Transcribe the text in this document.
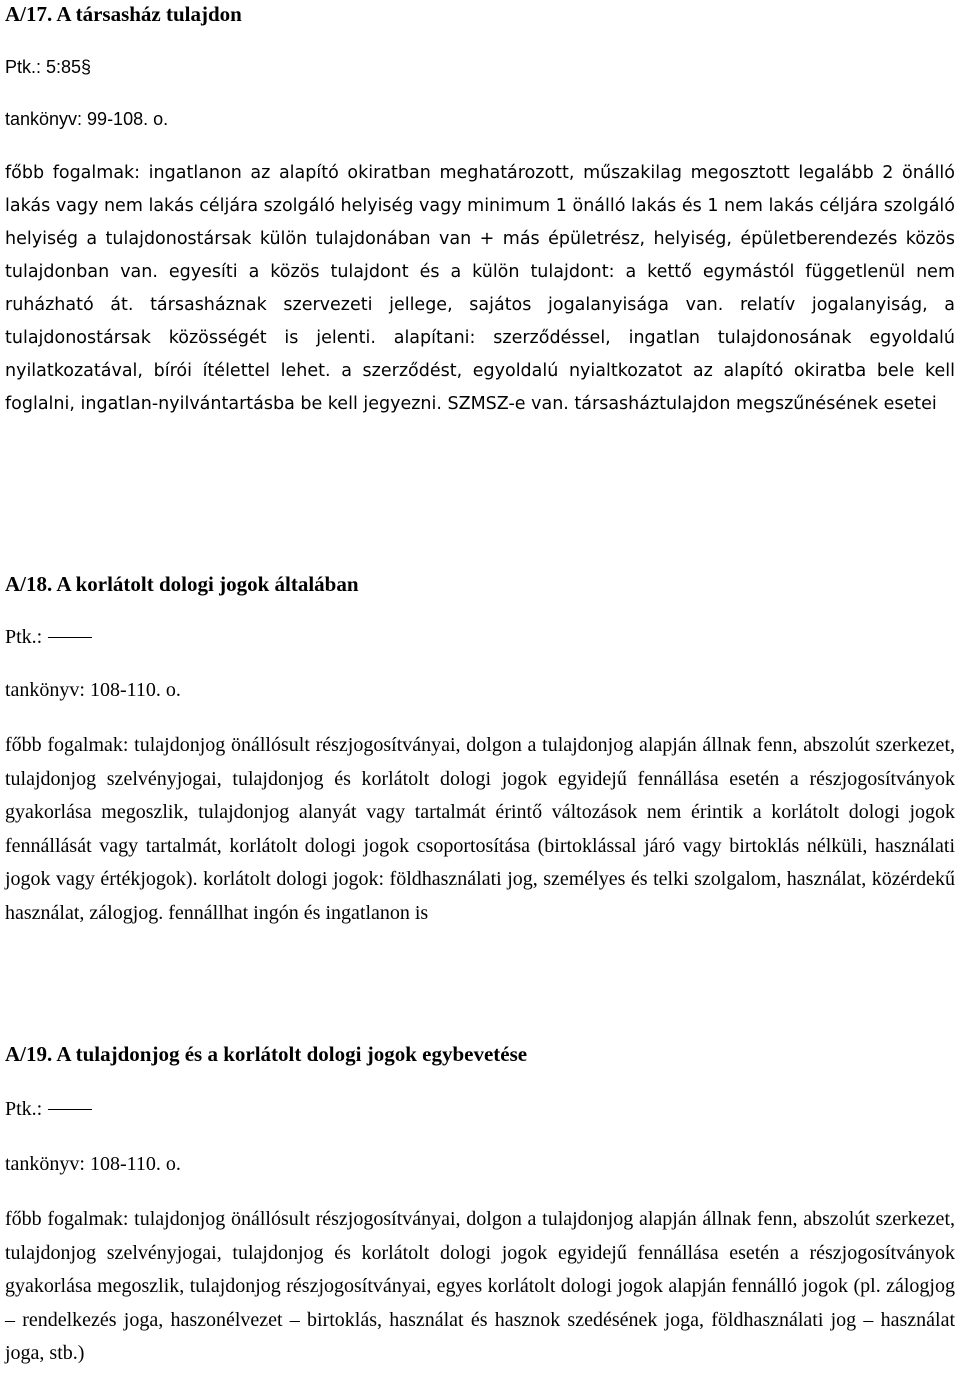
A/17. A társasház tulajdon

Ptk.: 5:85§

tankönyv: 99-108. o.

főbb fogalmak: ingatlanon az alapító okiratban meghatározott, műszakilag megosztott legalább 2 önálló lakás vagy nem lakás céljára szolgáló helyiség vagy minimum 1 önálló lakás és 1 nem lakás céljára szolgáló helyiség a tulajdonostársak külön tulajdonában van + más épületrész, helyiség, épületberendezés közös tulajdonban van. egyesíti a közös tulajdont és a külön tulajdont: a kettő egymástól függetlenül nem ruházható át. társasháznak szervezeti jellege, sajátos jogalanyisága van. relatív jogalanyiság, a tulajdonostársak közösségét is jelenti. alapítani: szerződéssel, ingatlan tulajdonosának egyoldalú nyilatkozatával, bírói ítélettel lehet. a szerződést, egyoldalú nyialtkozatot az alapító okiratba bele kell foglalni, ingatlan-nyilvántartásba be kell jegyezni. SZMSZ-e van. társasháztulajdon megszűnésének esetei

A/18. A korlátolt dologi jogok általában

Ptk.:

tankönyv: 108-110. o.

főbb fogalmak: tulajdonjog önállósult részjogosítványai, dolgon a tulajdonjog alapján állnak fenn, abszolút szerkezet, tulajdonjog szelvényjogai, tulajdonjog és korlátolt dologi jogok egyidejű fennállása esetén a részjogosítványok gyakorlása megoszlik, tulajdonjog alanyát vagy tartalmát érintő változások nem érintik a korlátolt dologi jogok fennállását vagy tartalmát, korlátolt dologi jogok csoportosítása (birtoklással járó vagy birtoklás nélküli, használati jogok vagy értékjogok). korlátolt dologi jogok: földhasználati jog, személyes és telki szolgalom, használat, közérdekű használat, zálogjog. fennállhat ingón és ingatlanon is

A/19. A tulajdonjog és a korlátolt dologi jogok egybevetése

Ptk.:

tankönyv: 108-110. o.

főbb fogalmak: tulajdonjog önállósult részjogosítványai, dolgon a tulajdonjog alapján állnak fenn, abszolút szerkezet, tulajdonjog szelvényjogai, tulajdonjog és korlátolt dologi jogok egyidejű fennállása esetén a részjogosítványok gyakorlása megoszlik, tulajdonjog részjogosítványai, egyes korlátolt dologi jogok alapján fennálló jogok (pl. zálogjog – rendelkezés joga, haszonélvezet – birtoklás, használat és hasznok szedésének joga, földhasználati jog – használat joga, stb.)
